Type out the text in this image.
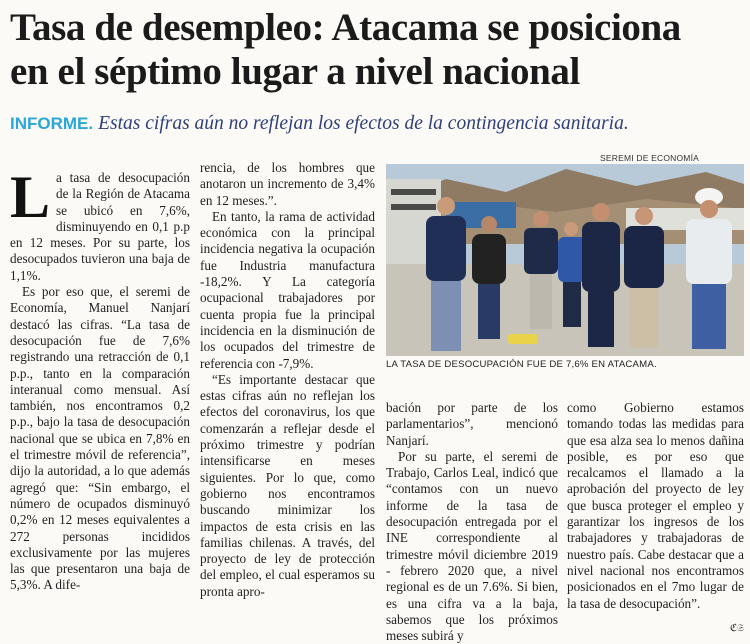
Tasa de desempleo: Atacama se posiciona
en el séptimo lugar a nivel nacional
INFORME. Estas cifras aún no reflejan los efectos de la contingencia sanitaria.
L a tasa de desocupación de la Región de Atacama se ubicó en 7,6%, disminuyendo en 0,1 p.p en 12 meses. Por su parte, los desocupados tuvieron una baja de 1,1%.

Es por eso que, el seremi de Economía, Manuel Nanjarí destacó las cifras. “La tasa de desocupación fue de 7,6% registrando una retracción de 0,1 p.p., tanto en la comparación interanual como mensual. Así también, nos encontramos 0,2 p.p., bajo la tasa de desocupación nacional que se ubica en 7,8% en el trimestre móvil de referencia”, dijo la autoridad, a lo que además agregó que: “Sin embargo, el número de ocupados disminuyó 0,2% en 12 meses equivalentes a 272 personas incididos exclusivamente por las mujeres las que presentaron una baja de 5,3%. A dife-

rencia, de los hombres que anotaron un incremento de 3,4% en 12 meses.”.

En tanto, la rama de actividad económica con la principal incidencia negativa la ocupación fue Industria manufactura -18,2%. Y La categoría ocupacional trabajadores por cuenta propia fue la principal incidencia en la disminución de los ocupados del trimestre de referencia con -7,9%.

“Es importante destacar que estas cifras aún no reflejan los efectos del coronavirus, los que comenzarán a reflejar desde el próximo trimestre y podrían intensificarse en meses siguientes. Por lo que, como gobierno nos encontramos buscando minimizar los impactos de esta crisis en las familias chilenas. A través, del proyecto de ley de protección del empleo, el cual esperamos su pronta apro-

SEREMI DE ECONOMÍA
LA TASA DE DESOCUPACIÓN FUE DE 7,6% EN ATACAMA.

bación por parte de los parlamentarios”, mencionó Nanjarí.

Por su parte, el seremi de Trabajo, Carlos Leal, indicó que “contamos con un nuevo informe de la tasa de desocupación entregada por el INE correspondiente al trimestre móvil diciembre 2019 - febrero 2020 que, a nivel regional es de un 7.6%. Si bien, es una cifra va a la baja, sabemos que los próximos meses subirá y

como Gobierno estamos tomando todas las medidas para que esa alza sea lo menos dañina posible, es por eso que recalcamos el llamado a la aprobación del proyecto de ley que busca proteger el empleo y garantizar los ingresos de los trabajadores y trabajadoras de nuestro país. Cabe destacar que a nivel nacional nos encontramos posicionados en el 7mo lugar de la tasa de desocupación”.

ℭ𝔖
